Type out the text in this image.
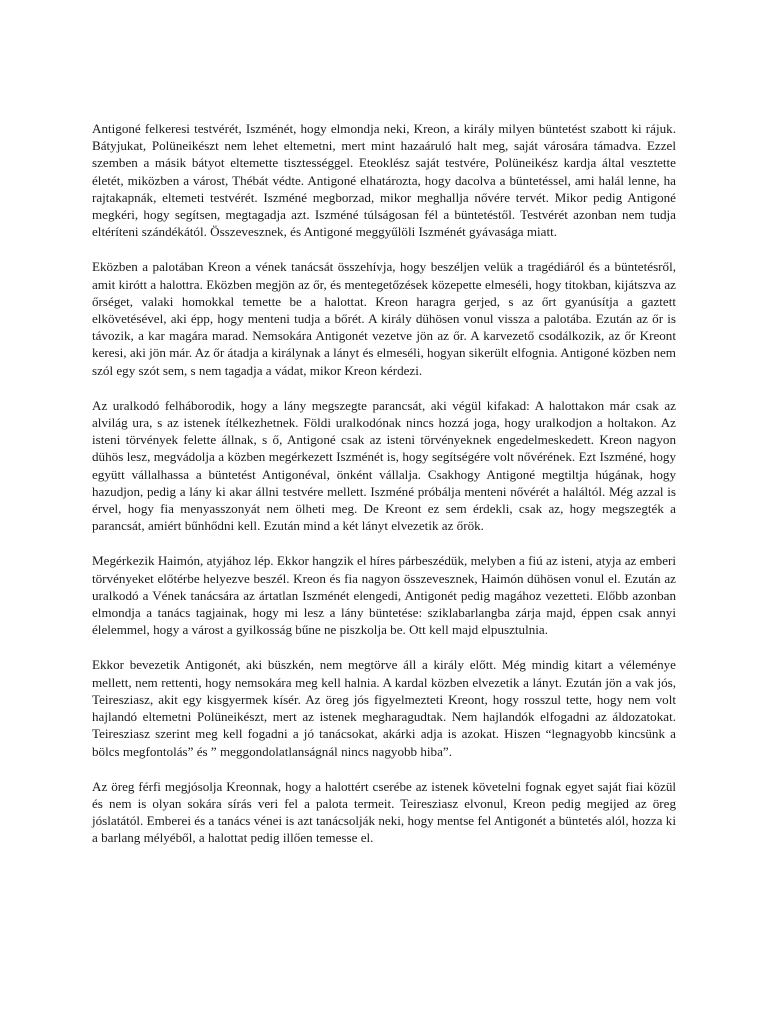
Antigoné felkeresi testvérét, Iszménét, hogy elmondja neki, Kreon, a király milyen büntetést szabott ki rájuk. Bátyjukat, Polüneikészt nem lehet eltemetni, mert mint hazaáruló halt meg, saját városára támadva. Ezzel szemben a másik bátyot eltemette tisztességgel. Eteoklész saját testvére, Polüneikész kardja által vesztette életét, miközben a várost, Thébát védte. Antigoné elhatározta, hogy dacolva a büntetéssel, ami halál lenne, ha rajtakapnák, eltemeti testvérét. Iszméné megborzad, mikor meghallja nővére tervét. Mikor pedig Antigoné megkéri, hogy segítsen, megtagadja azt. Iszméné túlságosan fél a büntetéstől. Testvérét azonban nem tudja eltéríteni szándékától. Összevesznek, és Antigoné meggyűlöli Iszménét gyávasága miatt.

Eközben a palotában Kreon a vének tanácsát összehívja, hogy beszéljen velük a tragédiáról és a büntetésről, amit kirótt a halottra. Eközben megjön az őr, és mentegetőzések közepette elmeséli, hogy titokban, kijátszva az őrséget, valaki homokkal temette be a halottat. Kreon haragra gerjed, s az őrt gyanúsítja a gaztett elkövetésével, aki épp, hogy menteni tudja a bőrét. A király dühösen vonul vissza a palotába. Ezután az őr is távozik, a kar magára marad. Nemsokára Antigonét vezetve jön az őr. A karvezető csodálkozik, az őr Kreont keresi, aki jön már. Az őr átadja a királynak a lányt és elmeséli, hogyan sikerült elfognia. Antigoné közben nem szól egy szót sem, s nem tagadja a vádat, mikor Kreon kérdezi.

Az uralkodó felháborodik, hogy a lány megszegte parancsát, aki végül kifakad: A halottakon már csak az alvilág ura, s az istenek ítélkezhetnek. Földi uralkodónak nincs hozzá joga, hogy uralkodjon a holtakon. Az isteni törvények felette állnak, s ő, Antigoné csak az isteni törvényeknek engedelmeskedett. Kreon nagyon dühös lesz, megvádolja a közben megérkezett Iszménét is, hogy segítségére volt nővérének. Ezt Iszméné, hogy együtt vállalhassa a büntetést Antigonéval, önként vállalja. Csakhogy Antigoné megtiltja húgának, hogy hazudjon, pedig a lány ki akar állni testvére mellett. Iszméné próbálja menteni nővérét a haláltól. Még azzal is érvel, hogy fia menyasszonyát nem ölheti meg. De Kreont ez sem érdekli, csak az, hogy megszegték a parancsát, amiért bűnhődni kell. Ezután mind a két lányt elvezetik az őrök.

Megérkezik Haimón, atyjához lép. Ekkor hangzik el híres párbeszédük, melyben a fiú az isteni, atyja az emberi törvényeket előtérbe helyezve beszél. Kreon és fia nagyon összevesznek, Haimón dühösen vonul el. Ezután az uralkodó a Vének tanácsára az ártatlan Iszménét elengedi, Antigonét pedig magához vezetteti. Előbb azonban elmondja a tanács tagjainak, hogy mi lesz a lány büntetése: sziklabarlangba zárja majd, éppen csak annyi élelemmel, hogy a várost a gyilkosság bűne ne piszkolja be. Ott kell majd elpusztulnia.

Ekkor bevezetik Antigonét, aki büszkén, nem megtörve áll a király előtt. Még mindig kitart a véleménye mellett, nem rettenti, hogy nemsokára meg kell halnia. A kardal közben elvezetik a lányt. Ezután jön a vak jós, Teiresziasz, akit egy kisgyermek kísér. Az öreg jós figyelmezteti Kreont, hogy rosszul tette, hogy nem volt hajlandó eltemetni Polüneikészt, mert az istenek megharagudtak. Nem hajlandók elfogadni az áldozatokat. Teiresziasz szerint meg kell fogadni a jó tanácsokat, akárki adja is azokat. Hiszen “legnagyobb kincsünk a bölcs megfontolás” és ” meggondolatlanságnál nincs nagyobb hiba”.

Az öreg férfi megjósolja Kreonnak, hogy a halottért cserébe az istenek követelni fognak egyet saját fiai közül és nem is olyan sokára sírás veri fel a palota termeit. Teiresziasz elvonul, Kreon pedig megijed az öreg jóslatától. Emberei és a tanács vénei is azt tanácsolják neki, hogy mentse fel Antigonét a büntetés alól, hozza ki a barlang mélyéből, a halottat pedig illően temesse el.
